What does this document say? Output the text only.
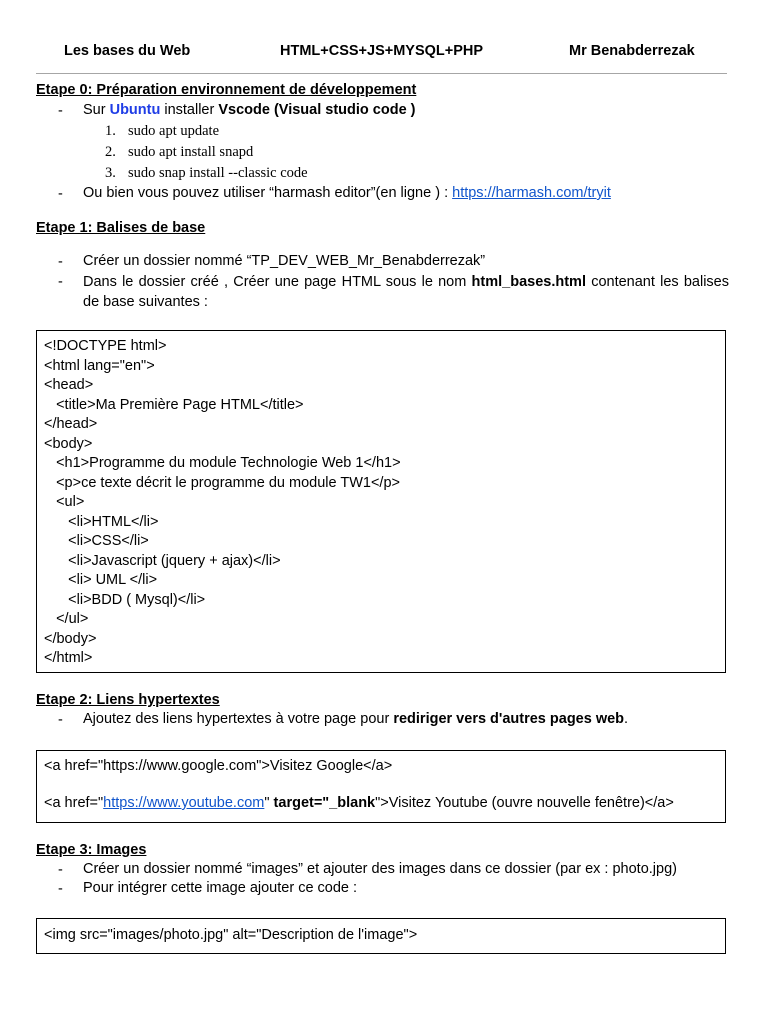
Les bases du Web	HTML+CSS+JS+MYSQL+PHP	Mr Benabderrezak
Etape 0: Préparation environnement de développement
- Sur Ubuntu installer Vscode (Visual studio code )
1. sudo apt update
2. sudo apt install snapd
3. sudo snap install --classic code
- Ou bien vous pouvez utiliser “harmash editor”(en ligne ) : https://harmash.com/tryit
Etape 1: Balises de base
- Créer un dossier nommé “TP_DEV_WEB_Mr_Benabderrezak”
- Dans le dossier créé , Créer une page HTML sous le nom html_bases.html contenant les balises de base suivantes :
<!DOCTYPE html>
<html lang="en">
<head>
<title>Ma Première Page HTML</title>
</head>
<body>
<h1>Programme du module Technologie Web 1</h1>
<p>ce texte décrit le programme du module TW1</p>
<ul>
<li>HTML</li>
<li>CSS</li>
<li>Javascript (jquery + ajax)</li>
<li> UML </li>
<li>BDD ( Mysql)</li>
</ul>
</body>
</html>
Etape 2: Liens hypertextes
- Ajoutez des liens hypertextes à votre page pour rediriger vers d'autres pages web.
<a href="https://www.google.com">Visitez Google</a>
<a href="https://www.youtube.com" target="_blank">Visitez Youtube (ouvre nouvelle fenêtre)</a>
Etape 3: Images
- Créer un dossier nommé “images” et ajouter des images dans ce dossier (par ex : photo.jpg)
- Pour intégrer cette image ajouter ce code :
<img src="images/photo.jpg" alt="Description de l'image">
